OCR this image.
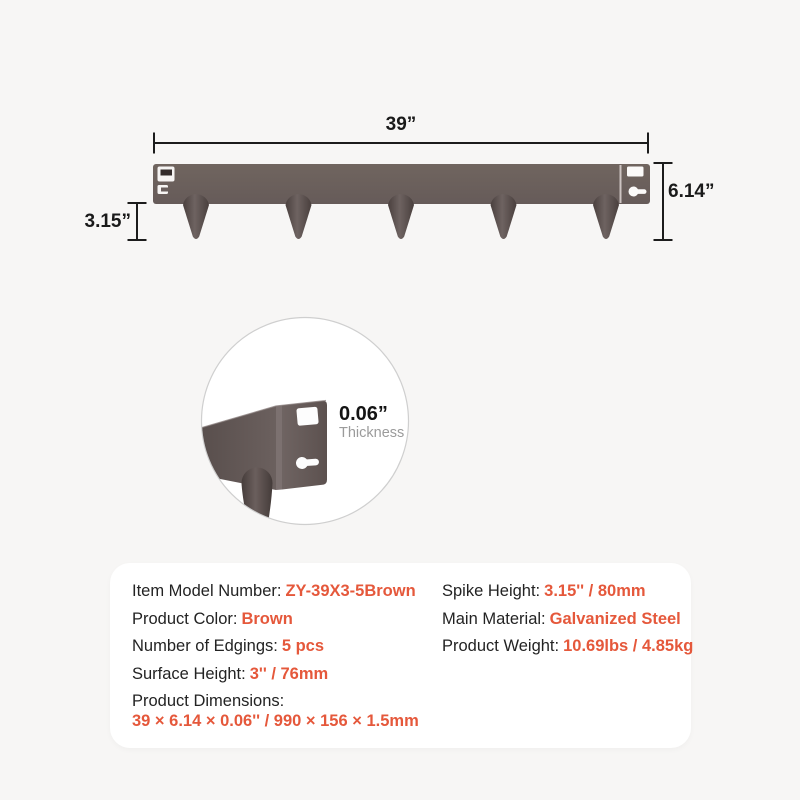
39”
6.14”
3.15”
0.06”
Thickness
Item Model Number: ZY-39X3-5Brown
Product Color: Brown
Number of Edgings: 5 pcs
Surface Height: 3'' / 76mm
Product Dimensions:
39 × 6.14 × 0.06'' / 990 × 156 × 1.5mm
Spike Height: 3.15'' / 80mm
Main Material: Galvanized Steel
Product Weight: 10.69lbs / 4.85kg
